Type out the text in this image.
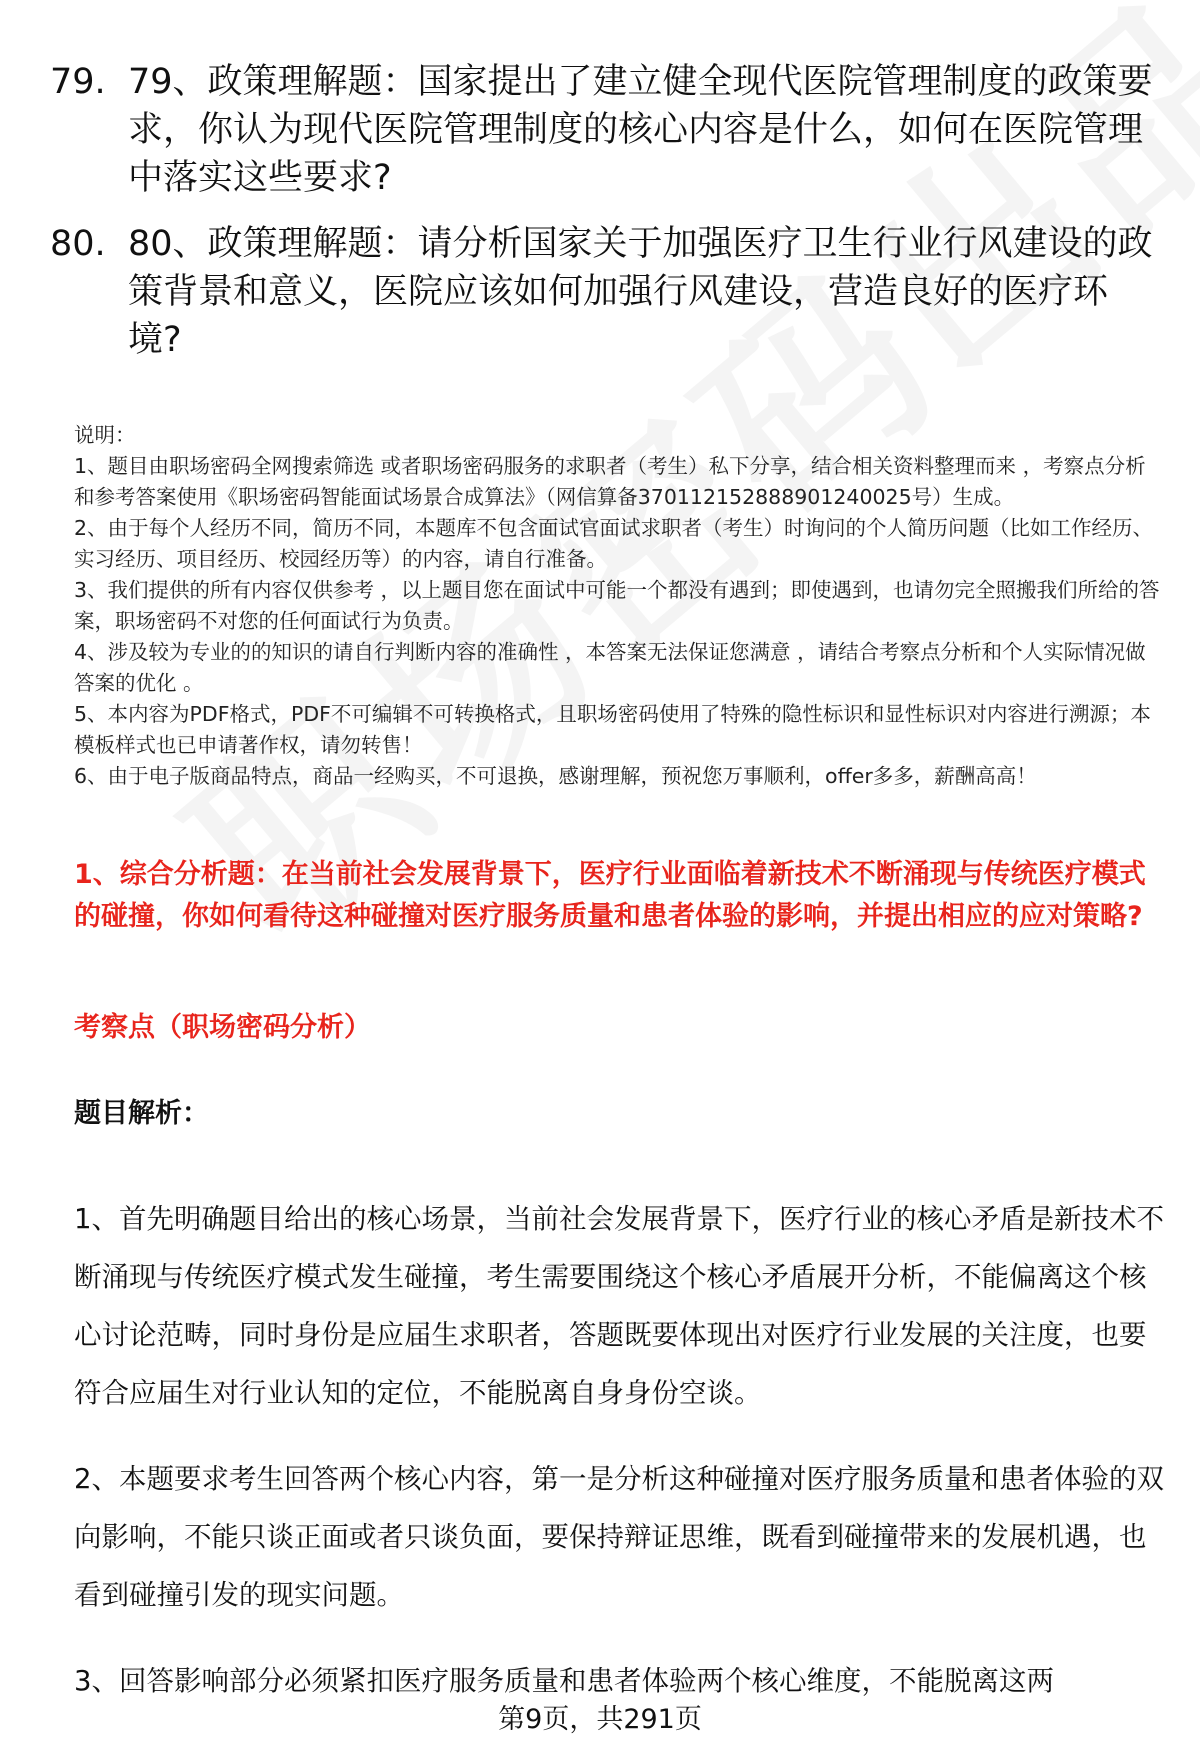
79. 79、政策理解题：国家提出了建立健全现代医院管理制度的政策要求，你认为现代医院管理制度的核心内容是什么，如何在医院管理中落实这些要求?
80. 80、政策理解题：请分析国家关于加强医疗卫生行业行风建设的政策背景和意义，医院应该如何加强行风建设，营造良好的医疗环境?

说明：

1、题目由职场密码全网搜索筛选 或者职场密码服务的求职者（考生）私下分享，结合相关资料整理而来 ，考察点分析和参考答案使用《职场密码智能面试场景合成算法》（网信算备370112152888901240025号）生成。

2、由于每个人经历不同，简历不同，本题库不包含面试官面试求职者（考生）时询问的个人简历问题（比如工作经历、实习经历、项目经历、校园经历等）的内容，请自行准备。

3、我们提供的所有内容仅供参考 ，以上题目您在面试中可能一个都没有遇到；即使遇到，也请勿完全照搬我们所给的答案，职场密码不对您的任何面试行为负责。

4、涉及较为专业的的知识的请自行判断内容的准确性 ，本答案无法保证您满意 ，请结合考察点分析和个人实际情况做答案的优化 。

5、本内容为PDF格式，PDF不可编辑不可转换格式，且职场密码使用了特殊的隐性标识和显性标识对内容进行溯源；本模板样式也已申请著作权，请勿转售！

6、由于电子版商品特点，商品一经购买，不可退换，感谢理解，预祝您万事顺利，offer多多，薪酬高高！

1、综合分析题：在当前社会发展背景下，医疗行业面临着新技术不断涌现与传统医疗模式的碰撞，你如何看待这种碰撞对医疗服务质量和患者体验的影响，并提出相应的应对策略?

考察点（职场密码分析）

题目解析：

1、首先明确题目给出的核心场景，当前社会发展背景下，医疗行业的核心矛盾是新技术不断涌现与传统医疗模式发生碰撞，考生需要围绕这个核心矛盾展开分析，不能偏离这个核心讨论范畴，同时身份是应届生求职者，答题既要体现出对医疗行业发展的关注度，也要符合应届生对行业认知的定位，不能脱离自身身份空谈。

2、本题要求考生回答两个核心内容，第一是分析这种碰撞对医疗服务质量和患者体验的双向影响，不能只谈正面或者只谈负面，要保持辩证思维，既看到碰撞带来的发展机遇，也看到碰撞引发的现实问题。

3、回答影响部分必须紧扣医疗服务质量和患者体验两个核心维度，不能脱离这两

第9页，共291页
